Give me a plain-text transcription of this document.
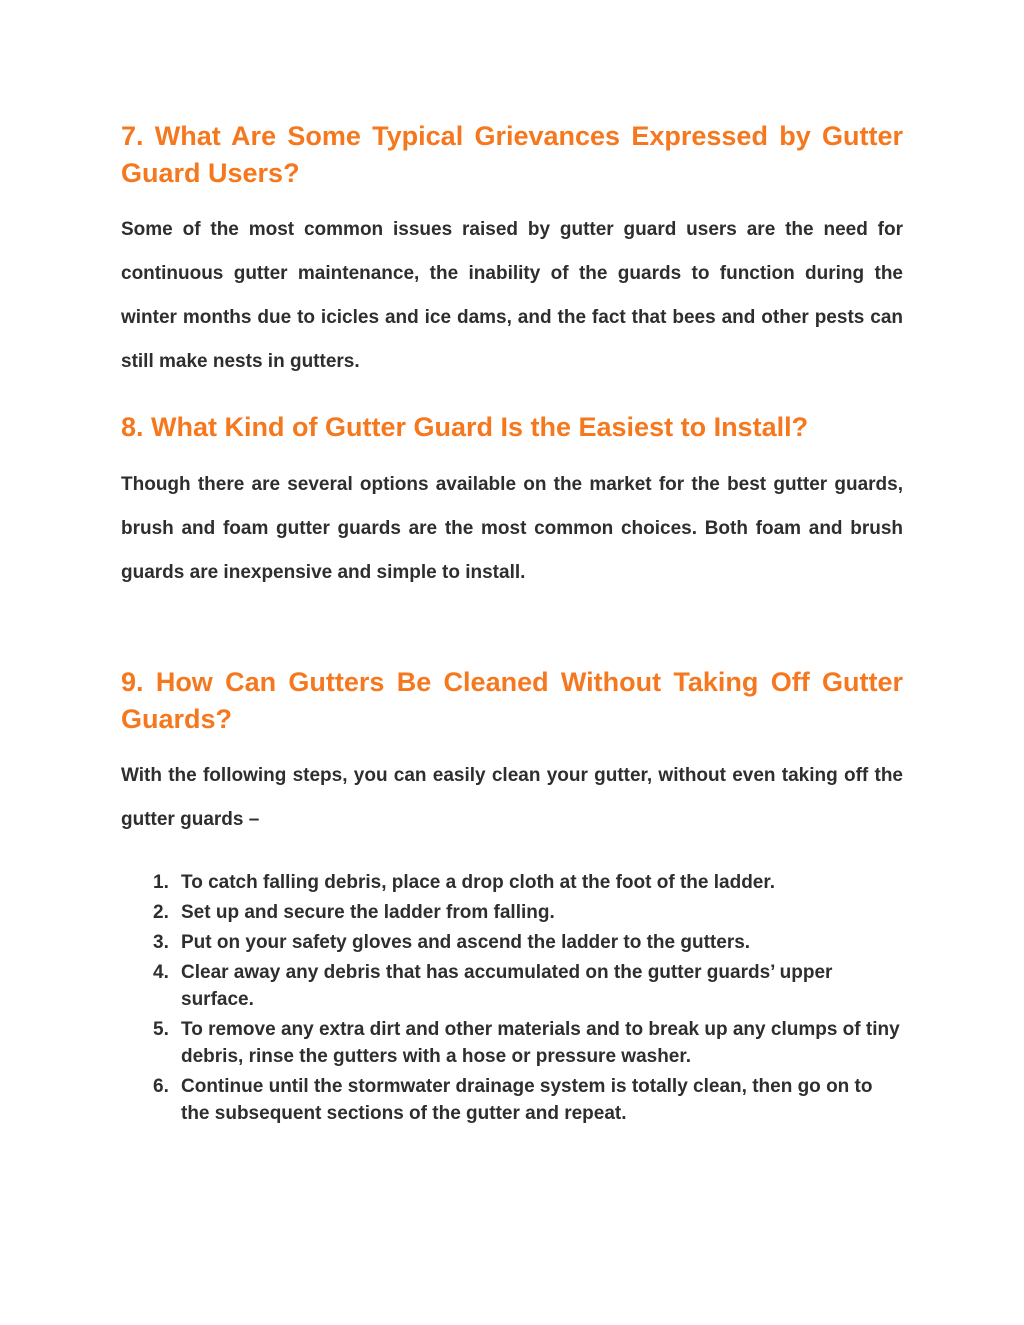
7. What Are Some Typical Grievances Expressed by Gutter Guard Users?

Some of the most common issues raised by gutter guard users are the need for continuous gutter maintenance, the inability of the guards to function during the winter months due to icicles and ice dams, and the fact that bees and other pests can still make nests in gutters.

8. What Kind of Gutter Guard Is the Easiest to Install?

Though there are several options available on the market for the best gutter guards, brush and foam gutter guards are the most common choices. Both foam and brush guards are inexpensive and simple to install.

9. How Can Gutters Be Cleaned Without Taking Off Gutter Guards?

With the following steps, you can easily clean your gutter, without even taking off the gutter guards –

1. To catch falling debris, place a drop cloth at the foot of the ladder.
2. Set up and secure the ladder from falling.
3. Put on your safety gloves and ascend the ladder to the gutters.
4. Clear away any debris that has accumulated on the gutter guards’ upper surface.
5. To remove any extra dirt and other materials and to break up any clumps of tiny debris, rinse the gutters with a hose or pressure washer.
6. Continue until the stormwater drainage system is totally clean, then go on to the subsequent sections of the gutter and repeat.
